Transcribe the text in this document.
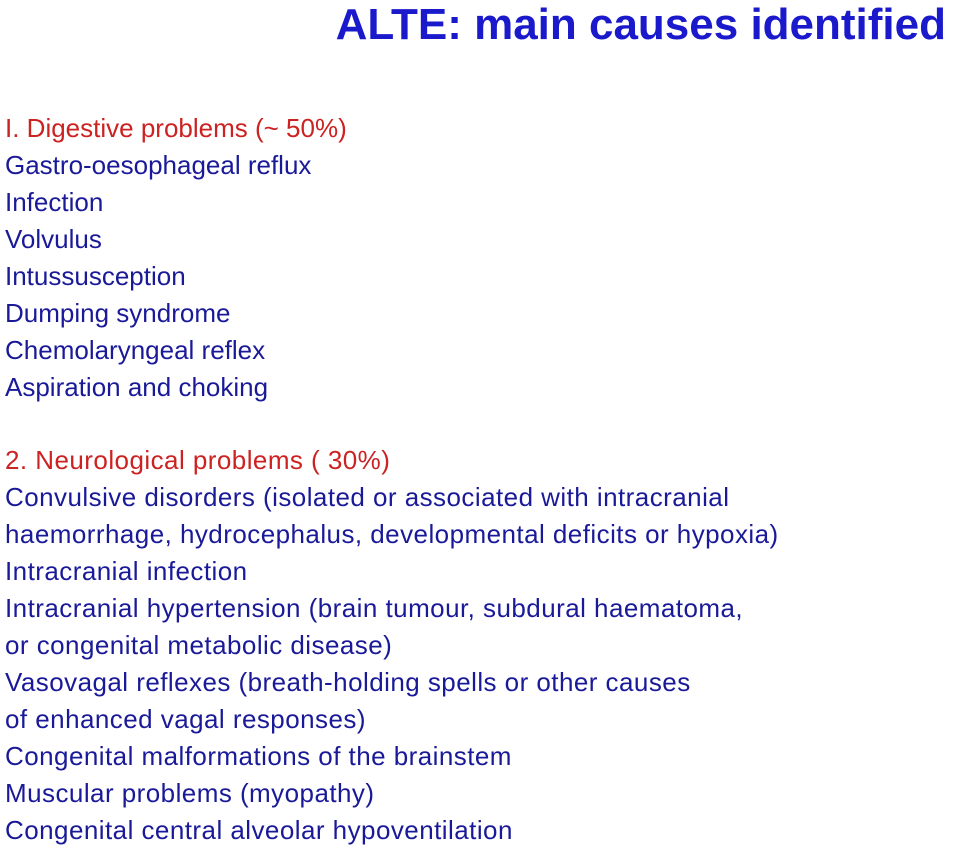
ALTE: main causes identified
I. Digestive problems (~ 50%)
Gastro-oesophageal reflux
Infection
Volvulus
Intussusception
Dumping syndrome
Chemolaryngeal reflex
Aspiration and choking
2. Neurological problems ( 30%)
Convulsive disorders (isolated or associated with intracranial
haemorrhage, hydrocephalus, developmental deficits or hypoxia)
Intracranial infection
Intracranial hypertension (brain tumour, subdural haematoma,
or congenital metabolic disease)
Vasovagal reflexes (breath-holding spells or other causes
of enhanced vagal responses)
Congenital malformations of the brainstem
Muscular problems (myopathy)
Congenital central alveolar hypoventilation
